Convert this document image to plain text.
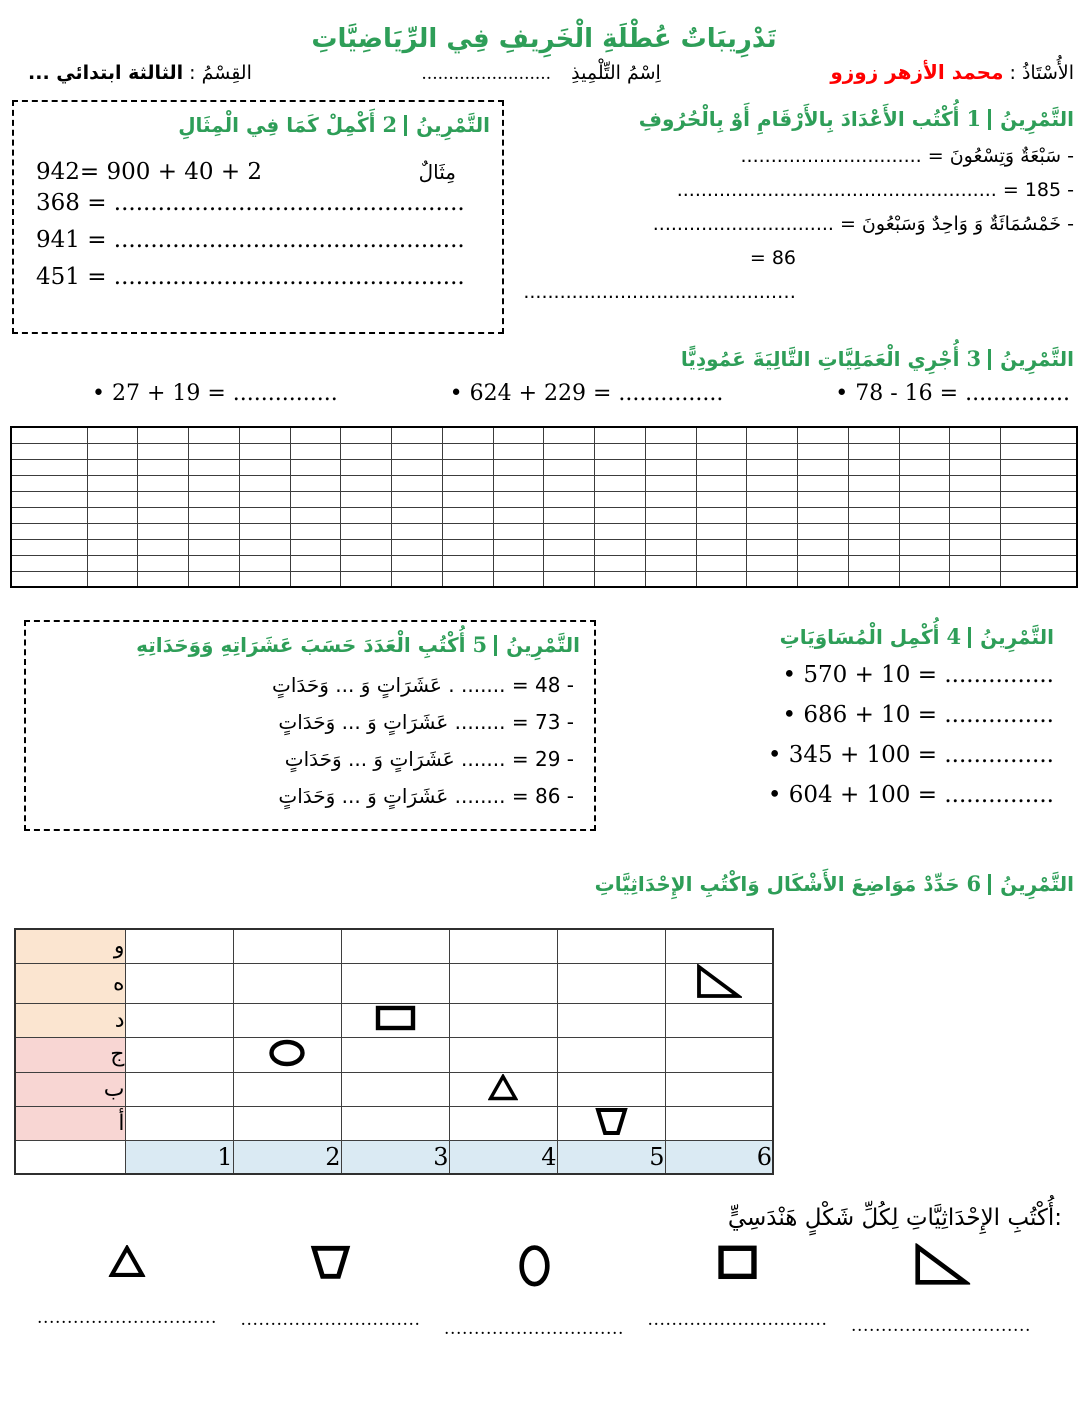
تَدْرِيبَاتٌ عُطْلَةِ الْخَرِيفِ فِي الرِّيَاضِيَّاتِ
الأُسْتَاذُ : محمد الأزهر زوزو
اِسْمُ التِّلْمِيذِ ........................
القِسْمُ : الثالثة ابتدائي ...
التَّمْرِينُ2 أَكْمِلْ كَمَا فِي الْمِثَالِ
942= 900 + 40 + 2	مِثَالٌ
368 = ................................................
941 = ................................................
451 = ................................................
التَّمْرِينُ1 أُكْتُب الأَعْدَادَ بِالأَرْقَامِ أَوْ بِالْحُرُوفِ
- سَبْعَةٌ وَتِسْعُونَ = ..............................
- 185 = .....................................................
- خَمْسُمَائَةٌ وَ وَاحِدٌ وَسَبْعُونَ = ..............................
86 = …..........................................
التَّمْرِينُ3 أُجْرِي الْعَمَلِيَّاتِ التَّالِيَةَ عَمُودِيًّا
• 27 + 19 = ...............	• 624 + 229 = ...............	• 78 - 16 = ...............

التَّمْرِينُ5 أُكْتُبِ الْعَدَدَ حَسَبَ عَشَرَاتِهِ وَوَحَدَاتِهِ
- 48 = ....... . عَشَرَاتٍ وَ ... وَحَدَاتٍ
- 73 = ........ عَشَرَاتٍ وَ ... وَحَدَاتٍ
- 29 = ....... عَشَرَاتٍ وَ ... وَحَدَاتٍ
- 86 = ........ عَشَرَاتٍ وَ ... وَحَدَاتٍ
التَّمْرِينُ4 أُكْمِل الْمُسَاوَيَاتِ
• 570 + 10 = ...............
• 686 + 10 = ...............
• 345 + 100 = ...............
• 604 + 100 = ...............
التَّمْرِينُ6 حَدِّدْ مَوَاضِعَ الأَشْكَال وَاكْتُبِ الإِحْدَاثِيَّاتِ
و						
ه						
د						
ج						
ب						
أ						
	1	2	3	4	5	6
أُكْتُبِ الإِحْدَاثِيَّاتِ لِكُلِّ شَكْلٍ هَنْدَسِيٍّ:
.............................. .............................. .............................. .............................. ..............................
